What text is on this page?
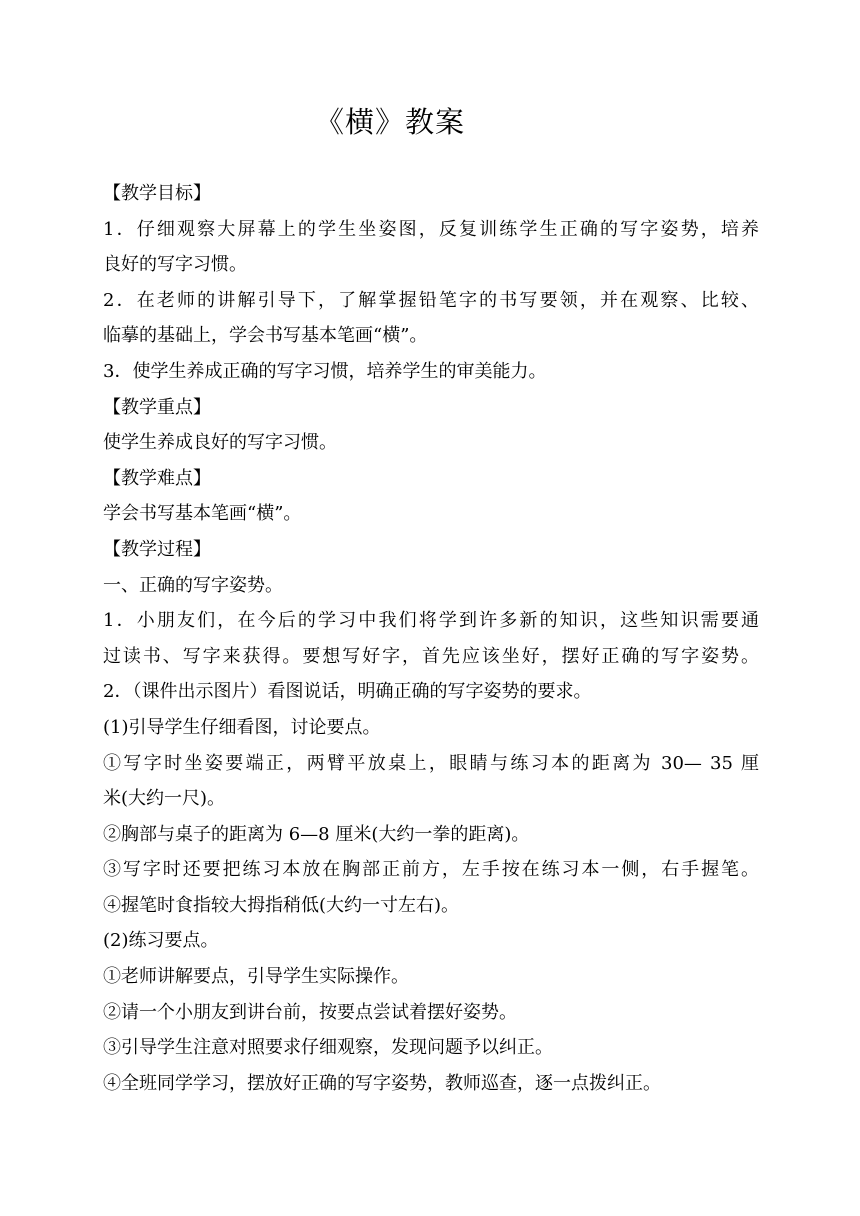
《横》教案

【教学目标】

1．仔细观察大屏幕上的学生坐姿图，反复训练学生正确的写字姿势，培养

良好的写字习惯。

2．在老师的讲解引导下，了解掌握铅笔字的书写要领，并在观察、比较、

临摹的基础上，学会书写基本笔画“横”。

3．使学生养成正确的写字习惯，培养学生的审美能力。

【教学重点】

使学生养成良好的写字习惯。

【教学难点】

学会书写基本笔画“横”。

【教学过程】

一、正确的写字姿势。

1．小朋友们，在今后的学习中我们将学到许多新的知识，这些知识需要通

过读书、写字来获得。要想写好字，首先应该坐好，摆好正确的写字姿势。

2．（课件出示图片）看图说话，明确正确的写字姿势的要求。

(1)引导学生仔细看图，讨论要点。

①写字时坐姿要端正，两臂平放桌上，眼睛与练习本的距离为 30— 35 厘

米(大约一尺)。

②胸部与桌子的距离为 6—8 厘米(大约一拳的距离)。

③写字时还要把练习本放在胸部正前方，左手按在练习本一侧，右手握笔。

④握笔时食指较大拇指稍低(大约一寸左右)。

(2)练习要点。

①老师讲解要点，引导学生实际操作。

②请一个小朋友到讲台前，按要点尝试着摆好姿势。

③引导学生注意对照要求仔细观察，发现问题予以纠正。

④全班同学学习，摆放好正确的写字姿势，教师巡查，逐一点拨纠正。
